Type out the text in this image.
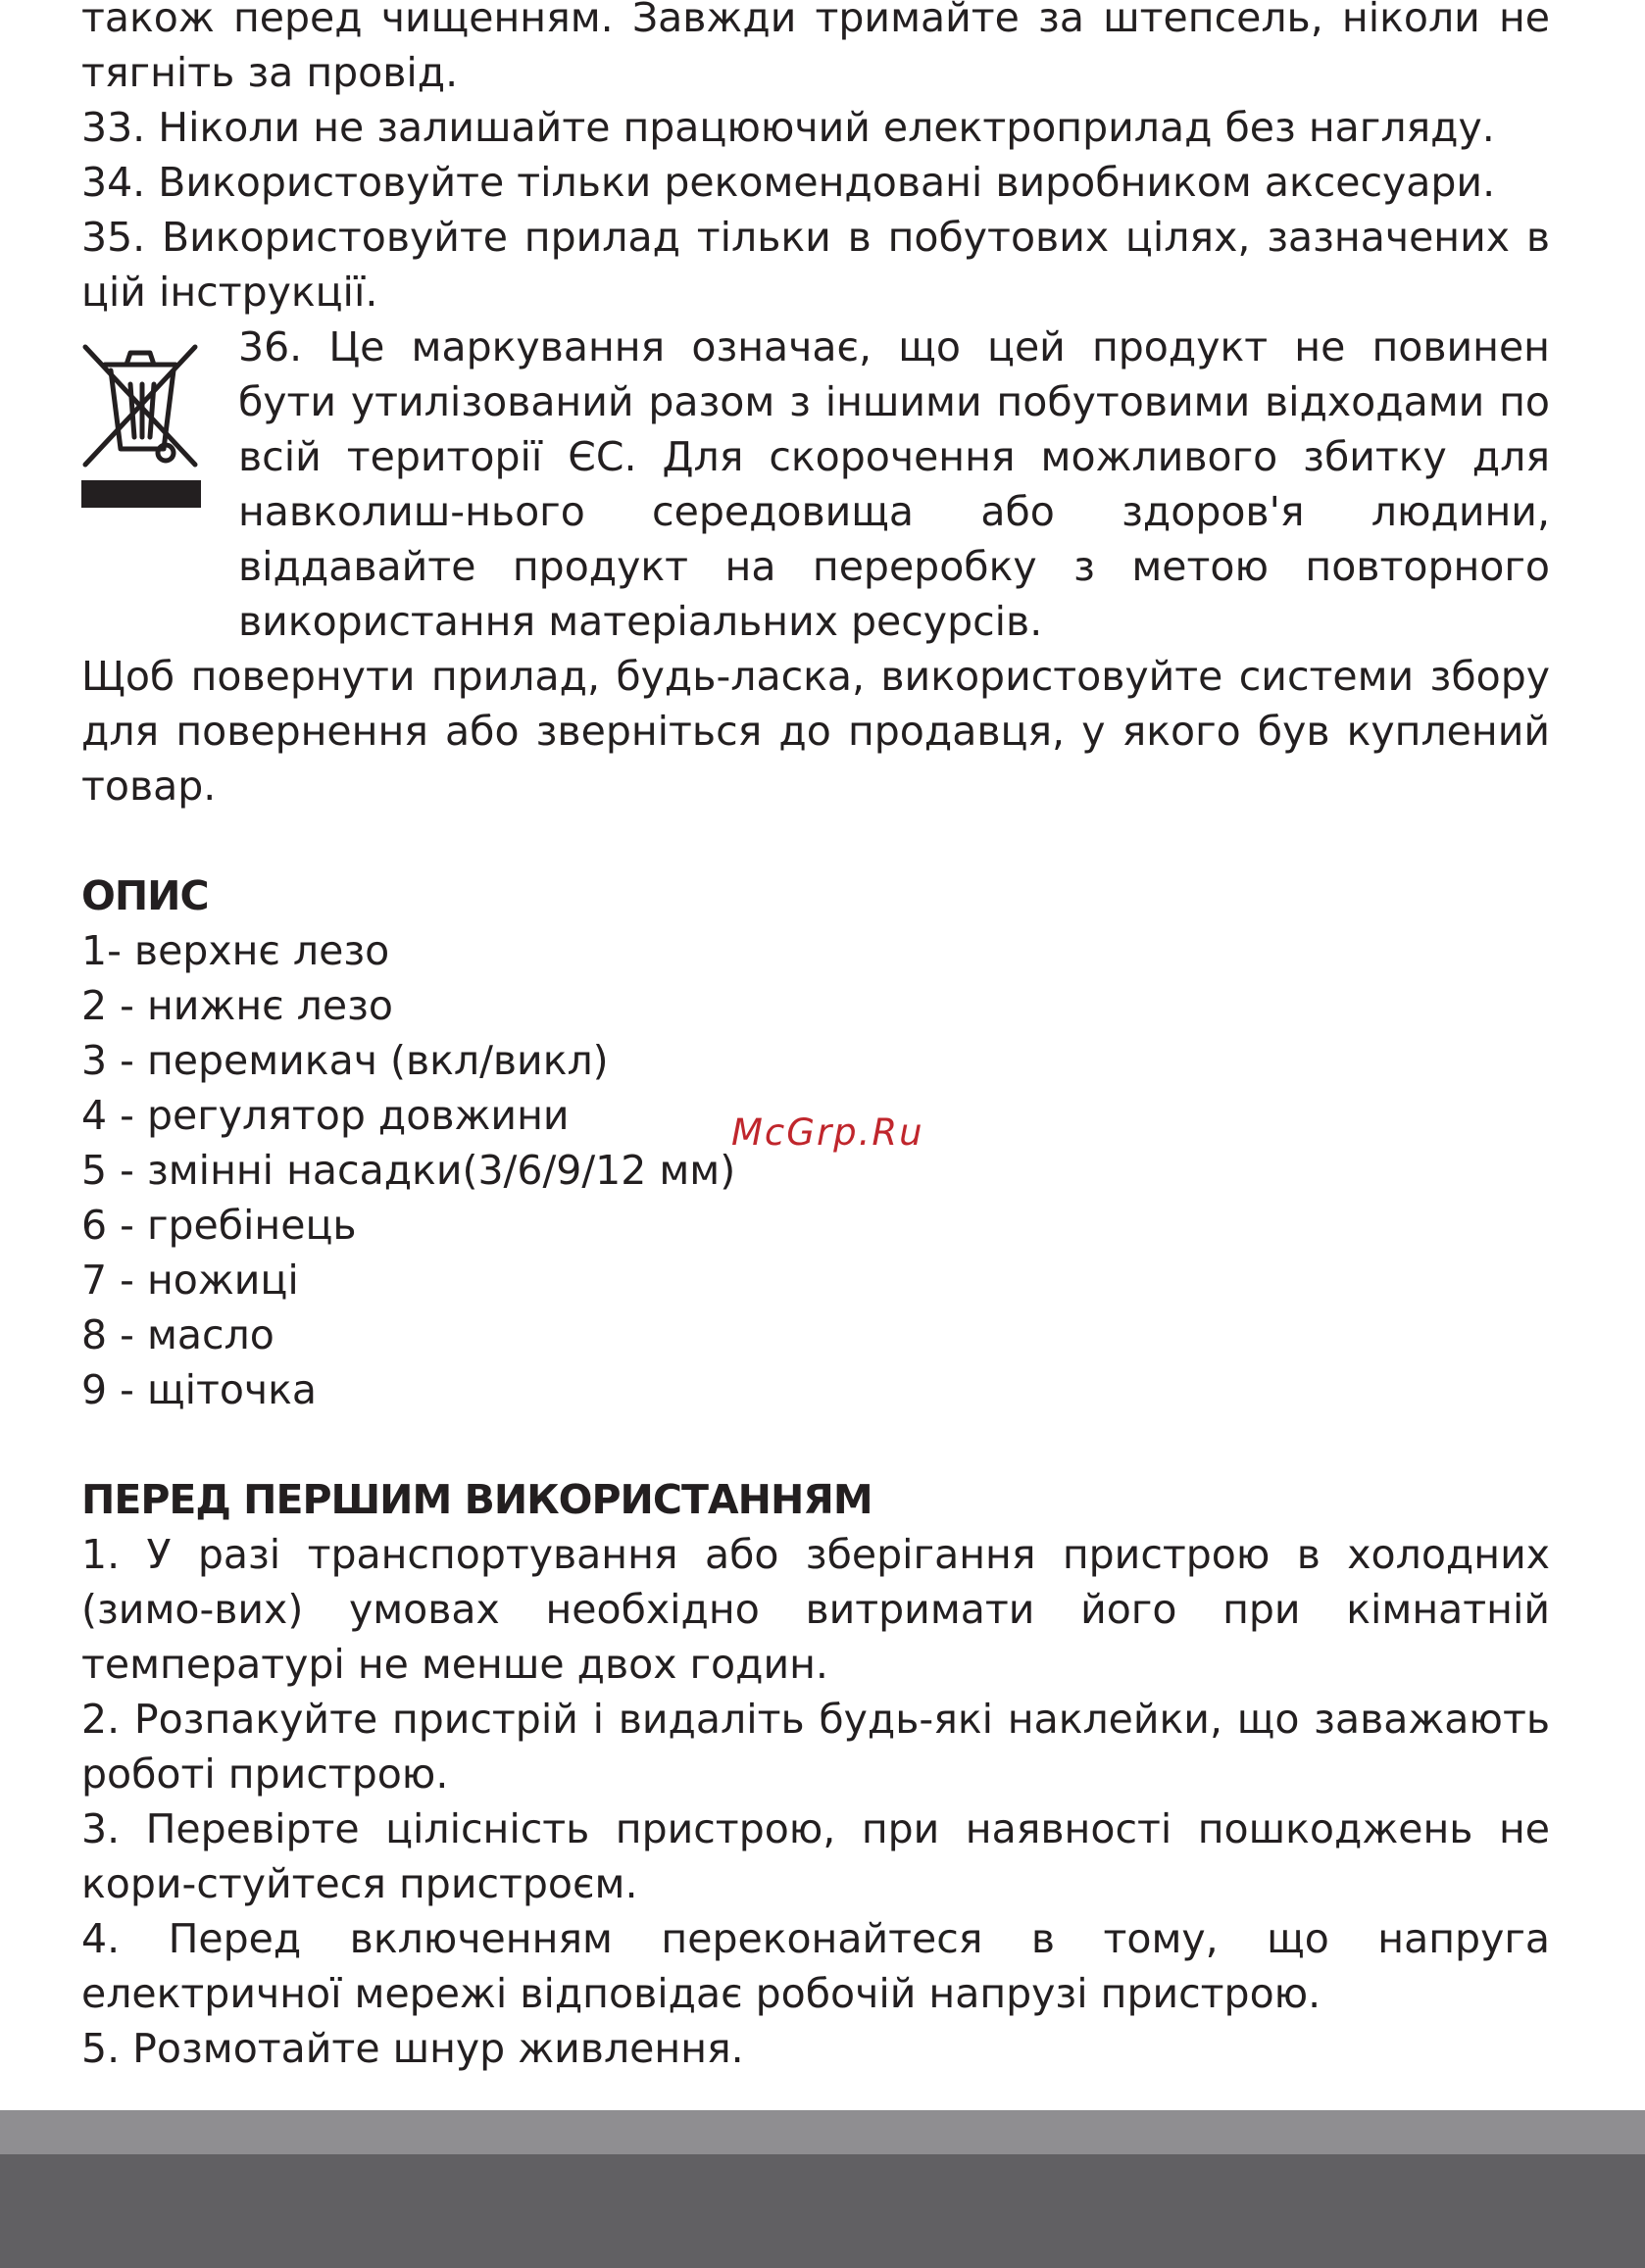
також перед чищенням. Завжди тримайте за штепсель, ніколи не тягніть за провід.

33. Ніколи не залишайте працюючий електроприлад без нагляду.

34. Використовуйте тільки рекомендовані виробником аксесуари.

35. Використовуйте прилад тільки в побутових цілях, зазначених в цій інструкції.

36. Це маркування означає, що цей продукт не повинен бути утилізований разом з іншими побутовими відходами по всій території ЄС. Для скорочення можливого збитку для навколиш-нього середовища або здоров'я людини, віддавайте продукт на переробку з метою повторного використання матеріальних ресурсів.

Щоб повернути прилад, будь-ласка, використовуйте системи збору для повернення або зверніться до продавця, у якого був куплений товар.

ОПИС

1- верхнє лезо

2 - нижнє лезо

3 - перемикач (вкл/викл)

4 - регулятор довжини

5 - змінні насадки(3/6/9/12 мм)

6 - гребінець

7 - ножиці

8 - масло

9 - щіточка

ПЕРЕД ПЕРШИМ ВИКОРИСТАННЯМ

1. У разі транспортування або зберігання пристрою в холодних (зимо-вих) умовах необхідно витримати його при кімнатній температурі не менше двох годин.

2. Розпакуйте пристрій і видаліть будь-які наклейки, що заважають роботі пристрою.

3. Перевірте цілісність пристрою, при наявності пошкоджень не кори-стуйтеся пристроєм.

4. Перед включенням переконайтеся в тому, що напруга електричної мережі відповідає робочій напрузі пристрою.

5. Розмотайте шнур живлення.

McGrp.Ru
